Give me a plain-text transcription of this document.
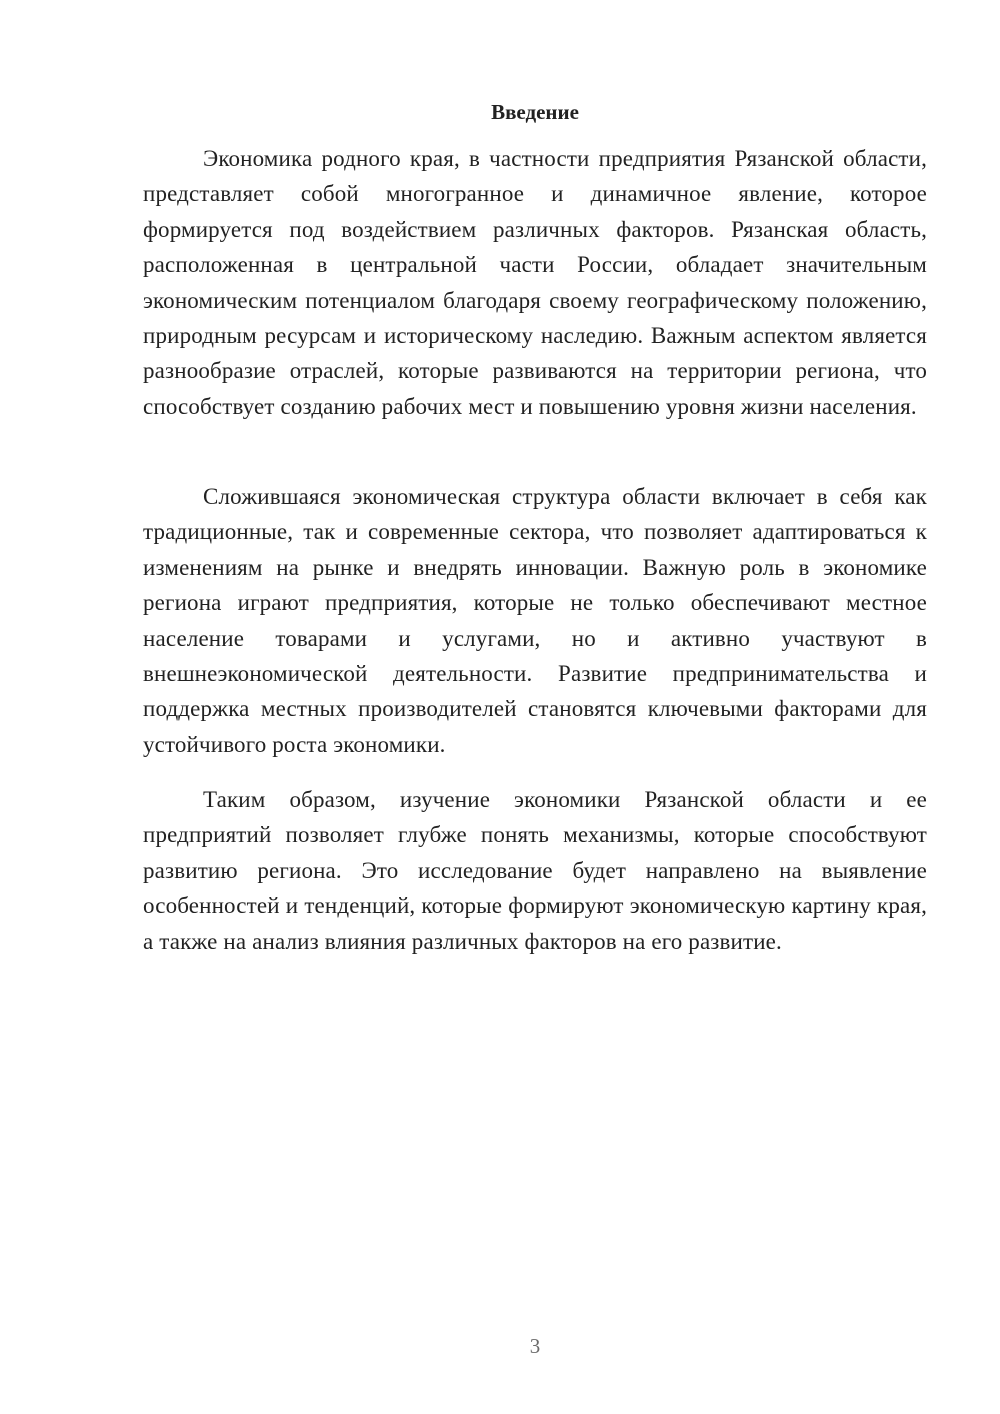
Введение

Экономика родного края, в частности предприятия Рязанской области, представляет собой многогранное и динамичное явление, которое формируется под воздействием различных факторов. Рязанская область, расположенная в центральной части России, обладает значительным экономическим потенциалом благодаря своему географическому положению, природным ресурсам и историческому наследию. Важным аспектом является разнообразие отраслей, которые развиваются на территории региона, что способствует созданию рабочих мест и повышению уровня жизни населения.

Сложившаяся экономическая структура области включает в себя как традиционные, так и современные сектора, что позволяет адаптироваться к изменениям на рынке и внедрять инновации. Важную роль в экономике региона играют предприятия, которые не только обеспечивают местное население товарами и услугами, но и активно участвуют в внешнеэкономической деятельности. Развитие предпринимательства и поддержка местных производителей становятся ключевыми факторами для устойчивого роста экономики.

Таким образом, изучение экономики Рязанской области и ее предприятий позволяет глубже понять механизмы, которые способствуют развитию региона. Это исследование будет направлено на выявление особенностей и тенденций, которые формируют экономическую картину края, а также на анализ влияния различных факторов на его развитие.

3
